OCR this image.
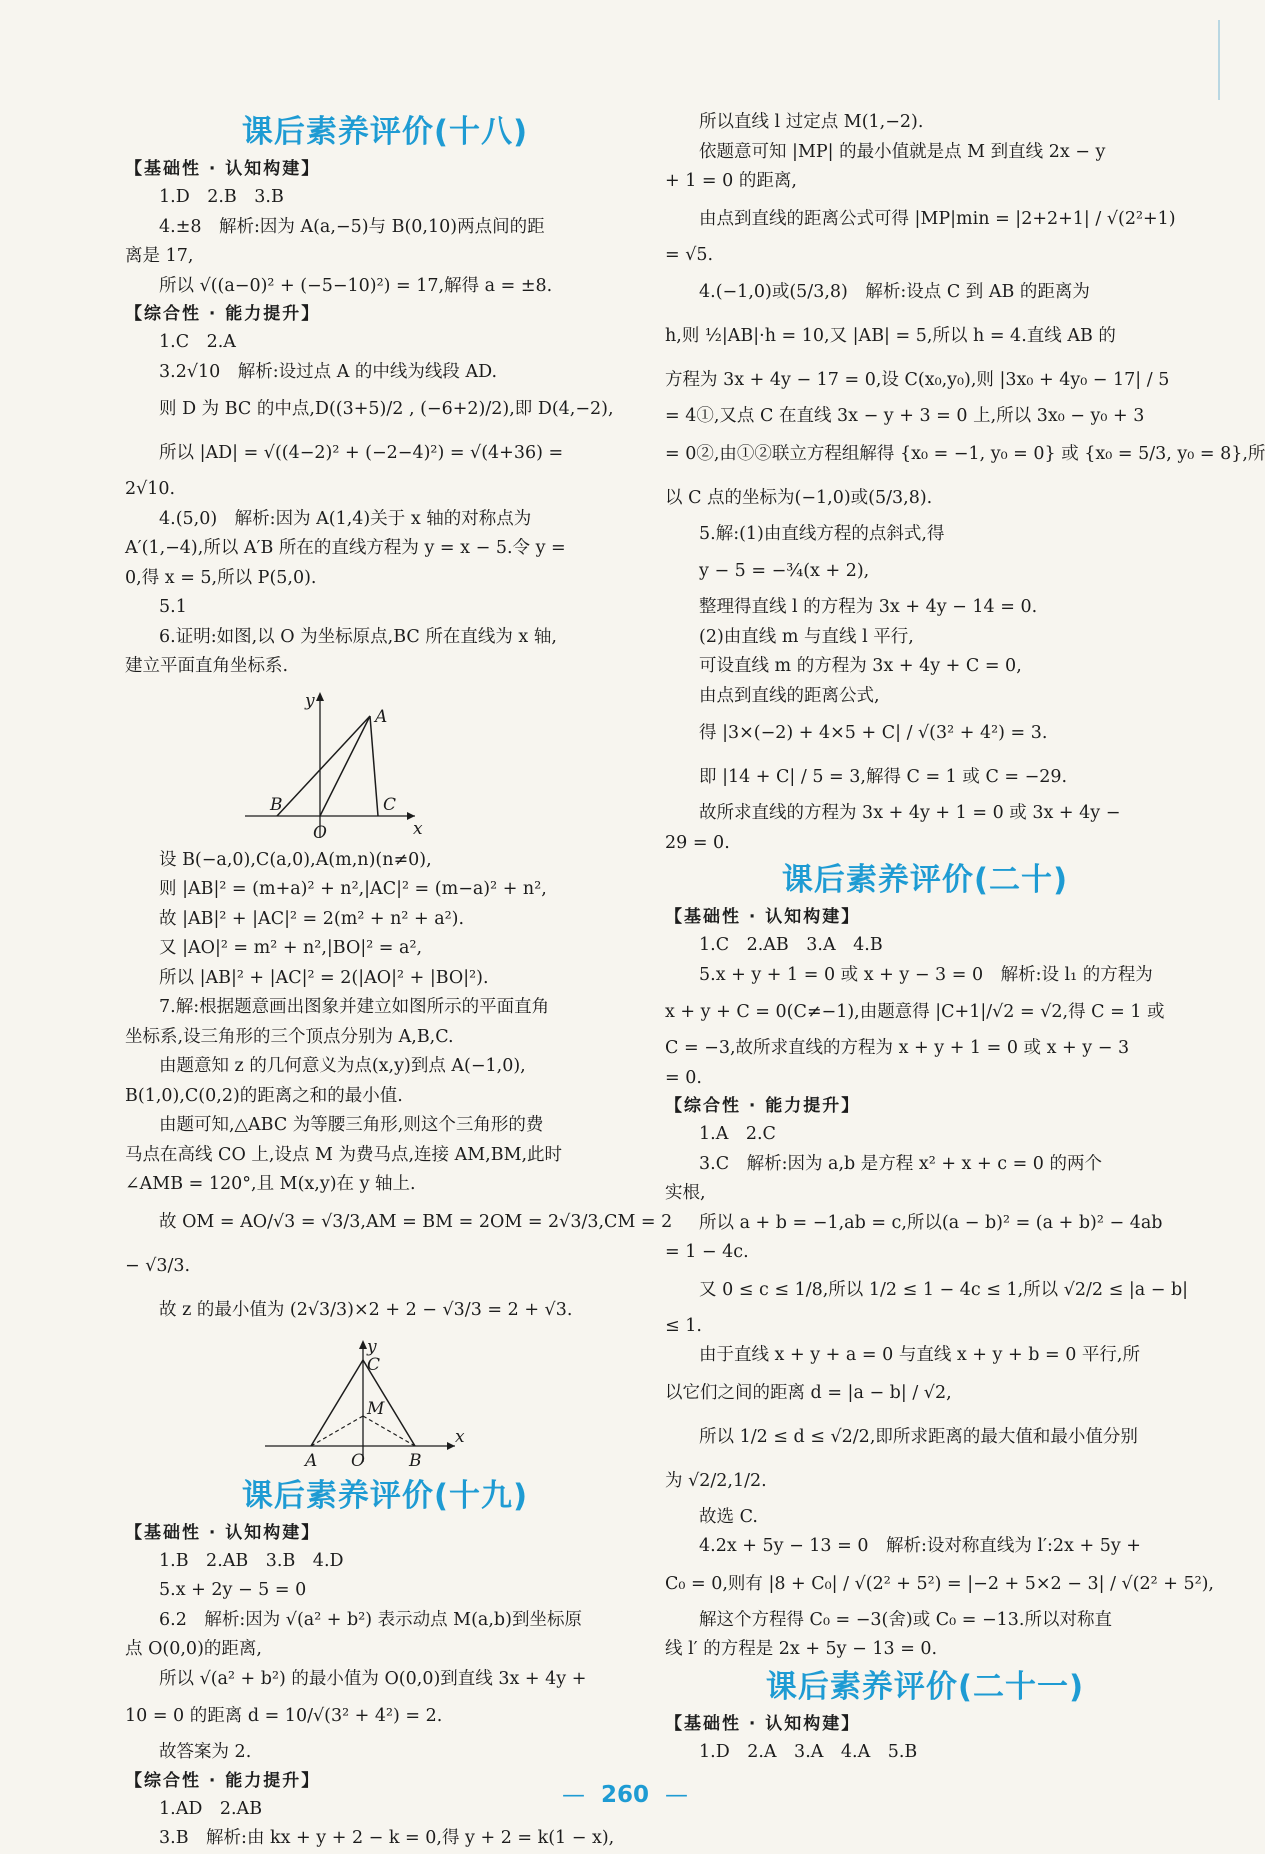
课后素养评价(十八)
【基础性 · 认知构建】
1.D　2.B　3.B
4.±8　解析:因为 A(a,−5)与 B(0,10)两点间的距
离是 17,
所以 √((a−0)² + (−5−10)²) = 17,解得 a = ±8.
【综合性 · 能力提升】
1.C　2.A
3.2√10　解析:设过点 A 的中线为线段 AD.
则 D 为 BC 的中点,D((3+5)/2 , (−6+2)/2),即 D(4,−2),
所以 |AD| = √((4−2)² + (−2−4)²) = √(4+36) =
2√10.
4.(5,0)　解析:因为 A(1,4)关于 x 轴的对称点为
A′(1,−4),所以 A′B 所在的直线方程为 y = x − 5.令 y =
0,得 x = 5,所以 P(5,0).
5.1
6.证明:如图,以 O 为坐标原点,BC 所在直线为 x 轴,
建立平面直角坐标系.
y
A
B
O
C
x
设 B(−a,0),C(a,0),A(m,n)(n≠0),
则 |AB|² = (m+a)² + n²,|AC|² = (m−a)² + n²,
故 |AB|² + |AC|² = 2(m² + n² + a²).
又 |AO|² = m² + n²,|BO|² = a²,
所以 |AB|² + |AC|² = 2(|AO|² + |BO|²).
7.解:根据题意画出图象并建立如图所示的平面直角
坐标系,设三角形的三个顶点分别为 A,B,C.
由题意知 z 的几何意义为点(x,y)到点 A(−1,0),
B(1,0),C(0,2)的距离之和的最小值.
由题可知,△ABC 为等腰三角形,则这个三角形的费
马点在高线 CO 上,设点 M 为费马点,连接 AM,BM,此时
∠AMB = 120°,且 M(x,y)在 y 轴上.
故 OM = AO/√3 = √3/3,AM = BM = 2OM = 2√3/3,CM = 2
− √3/3.
故 z 的最小值为 (2√3/3)×2 + 2 − √3/3 = 2 + √3.
y
C
M
A O	B
x
课后素养评价(十九)
【基础性 · 认知构建】
1.B　2.AB　3.B　4.D
5.x + 2y − 5 = 0
6.2　解析:因为 √(a² + b²) 表示动点 M(a,b)到坐标原
点 O(0,0)的距离,
所以 √(a² + b²) 的最小值为 O(0,0)到直线 3x + 4y +
10 = 0 的距离 d = 10/√(3² + 4²) = 2.
故答案为 2.
【综合性 · 能力提升】
1.AD　2.AB
3.B　解析:由 kx + y + 2 − k = 0,得 y + 2 = k(1 − x),
所以直线 l 过定点 M(1,−2).
依题意可知 |MP| 的最小值就是点 M 到直线 2x − y
+ 1 = 0 的距离,
由点到直线的距离公式可得 |MP|min = |2+2+1| / √(2²+1)
= √5.
4.(−1,0)或(5/3,8)　解析:设点 C 到 AB 的距离为
h,则 ½|AB|·h = 10,又 |AB| = 5,所以 h = 4.直线 AB 的
方程为 3x + 4y − 17 = 0,设 C(x₀,y₀),则 |3x₀ + 4y₀ − 17| / 5
= 4①,又点 C 在直线 3x − y + 3 = 0 上,所以 3x₀ − y₀ + 3
= 0②,由①②联立方程组解得 {x₀ = −1, y₀ = 0} 或 {x₀ = 5/3, y₀ = 8},所
以 C 点的坐标为(−1,0)或(5/3,8).
5.解:(1)由直线方程的点斜式,得
y − 5 = −¾(x + 2),
整理得直线 l 的方程为 3x + 4y − 14 = 0.
(2)由直线 m 与直线 l 平行,
可设直线 m 的方程为 3x + 4y + C = 0,
由点到直线的距离公式,
得 |3×(−2) + 4×5 + C| / √(3² + 4²) = 3.
即 |14 + C| / 5 = 3,解得 C = 1 或 C = −29.
故所求直线的方程为 3x + 4y + 1 = 0 或 3x + 4y −
29 = 0.
课后素养评价(二十)
【基础性 · 认知构建】
1.C　2.AB　3.A　4.B
5.x + y + 1 = 0 或 x + y − 3 = 0　解析:设 l₁ 的方程为
x + y + C = 0(C≠−1),由题意得 |C+1|/√2 = √2,得 C = 1 或
C = −3,故所求直线的方程为 x + y + 1 = 0 或 x + y − 3
= 0.
【综合性 · 能力提升】
1.A　2.C
3.C　解析:因为 a,b 是方程 x² + x + c = 0 的两个
实根,
所以 a + b = −1,ab = c,所以(a − b)² = (a + b)² − 4ab
= 1 − 4c.
又 0 ≤ c ≤ 1/8,所以 1/2 ≤ 1 − 4c ≤ 1,所以 √2/2 ≤ |a − b|
≤ 1.
由于直线 x + y + a = 0 与直线 x + y + b = 0 平行,所
以它们之间的距离 d = |a − b| / √2,
所以 1/2 ≤ d ≤ √2/2,即所求距离的最大值和最小值分别
为 √2/2,1/2.
故选 C.
4.2x + 5y − 13 = 0　解析:设对称直线为 l′:2x + 5y +
C₀ = 0,则有 |8 + C₀| / √(2² + 5²) = |−2 + 5×2 − 3| / √(2² + 5²),
解这个方程得 C₀ = −3(舍)或 C₀ = −13.所以对称直
线 l′ 的方程是 2x + 5y − 13 = 0.
课后素养评价(二十一)
【基础性 · 认知构建】
1.D　2.A　3.A　4.A　5.B
— 260 —
